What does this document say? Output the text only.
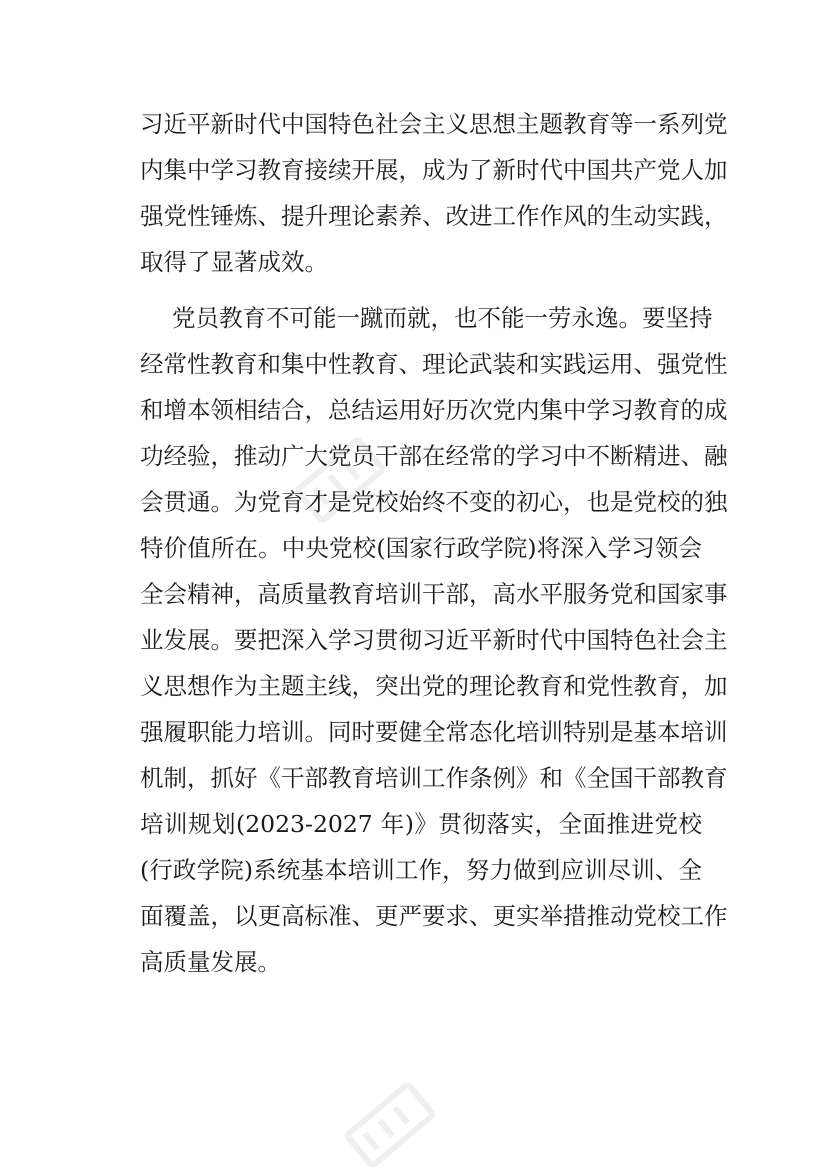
习近平新时代中国特色社会主义思想主题教育等一系列党
内集中学习教育接续开展，成为了新时代中国共产党人加
强党性锤炼、提升理论素养、改进工作作风的生动实践，
取得了显著成效。
党员教育不可能一蹴而就，也不能一劳永逸。要坚持
经常性教育和集中性教育、理论武装和实践运用、强党性
和增本领相结合，总结运用好历次党内集中学习教育的成
功经验，推动广大党员干部在经常的学习中不断精进、融
会贯通。为党育才是党校始终不变的初心，也是党校的独
特价值所在。中央党校(国家行政学院)将深入学习领会
全会精神，高质量教育培训干部，高水平服务党和国家事
业发展。要把深入学习贯彻习近平新时代中国特色社会主
义思想作为主题主线，突出党的理论教育和党性教育，加
强履职能力培训。同时要健全常态化培训特别是基本培训
机制，抓好《干部教育培训工作条例》和《全国干部教育
培训规划(2023-2027 年)》贯彻落实，全面推进党校
(行政学院)系统基本培训工作，努力做到应训尽训、全
面覆盖，以更高标准、更严要求、更实举措推动党校工作
高质量发展。
